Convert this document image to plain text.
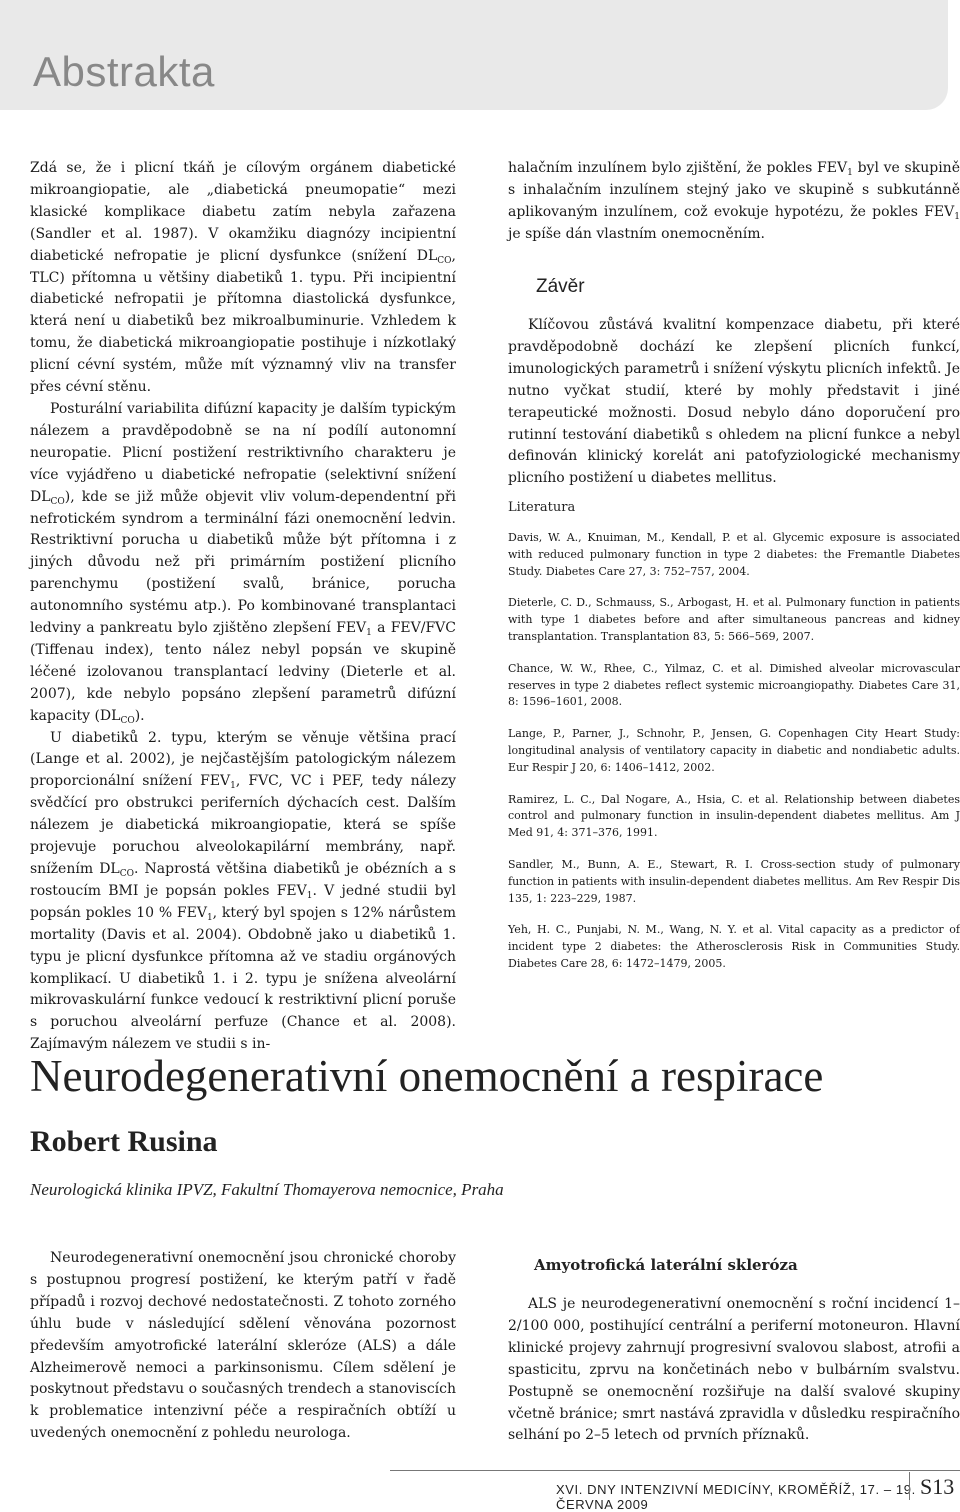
Abstrakta

Zdá se, že i plicní tkáň je cílovým orgánem diabetické mikroangiopatie, ale „diabetická pneumopatie“ mezi klasické komplikace diabetu zatím nebyla zařazena (Sandler et al. 1987). V okamžiku diagnózy incipientní diabetické nefropatie je plicní dysfunkce (snížení $DL_{CO}$, TLC) přítomna u většiny diabetiků 1. typu. Při incipientní diabetické nefropatii je přítomna diastolická dysfunkce, která není u diabetiků bez mikroalbuminurie. Vzhledem k tomu, že diabetická mikroangiopatie postihuje i nízkotlaký plicní cévní systém, může mít významný vliv na transfer přes cévní stěnu.

Posturální variabilita difúzní kapacity je dalším typickým nálezem a pravděpodobně se na ní podílí autonomní neuropatie. Plicní postižení restriktivního charakteru je více vyjádřeno u diabetické nefropatie (selektivní snížení $DL_{CO}$), kde se již může objevit vliv volum-dependentní při nefrotickém syndrom a terminální fázi onemocnění ledvin. Restriktivní porucha u diabetiků může být přítomna i z jiných důvodu než při primárním postižení plicního parenchymu (postižení svalů, bránice, porucha autonomního systému atp.). Po kombinované transplantaci ledviny a pankreatu bylo zjištěno zlepšení $FEV_1$ a FEV/FVC (Tiffenau index), tento nález nebyl popsán ve skupině léčené izolovanou transplantací ledviny (Dieterle et al. 2007), kde nebylo popsáno zlepšení parametrů difúzní kapacity $(DL_{CO})$.

U diabetiků 2. typu, kterým se věnuje většina prací (Lange et al. 2002), je nejčastějším patologickým nálezem proporcionální snížení $FEV_1$, FVC, VC i PEF, tedy nálezy svědčící pro obstrukci periferních dýchacích cest. Dalším nálezem je diabetická mikroangiopatie, která se spíše projevuje poruchou alveolokapilární membrány, např. snížením $DL_{CO}$. Naprostá většina diabetiků je obézních a s rostoucím BMI je popsán pokles $FEV_1$. V jedné studii byl popsán pokles 10 % $FEV_1$, který byl spojen s 12% nárůstem mortality (Davis et al. 2004). Obdobně jako u diabetiků 1. typu je plicní dysfunkce přítomna až ve stadiu orgánových komplikací. U diabetiků 1. i 2. typu je snížena alveolární mikrovaskulární funkce vedoucí k restriktivní plicní poruše s poruchou alveolární perfuze (Chance et al. 2008). Zajímavým nálezem ve studii s in-

halačním inzulínem bylo zjištění, že pokles $FEV_1$ byl ve skupině s inhalačním inzulínem stejný jako ve skupině s subkutánně aplikovaným inzulínem, což evokuje hypotézu, že pokles $FEV_1$ je spíše dán vlastním onemocněním.

Závěr

Klíčovou zůstává kvalitní kompenzace diabetu, při které pravděpodobně dochází ke zlepšení plicních funkcí, imunologických parametrů i snížení výskytu plicních infektů. Je nutno vyčkat studií, které by mohly představit i jiné terapeutické možnosti. Dosud nebylo dáno doporučení pro rutinní testování diabetiků s ohledem na plicní funkce a nebyl definován klinický korelát ani patofyziologické mechanismy plicního postižení u diabetes mellitus.

Literatura

Davis, W. A., Knuiman, M., Kendall, P. et al. Glycemic exposure is associated with reduced pulmonary function in type 2 diabetes: the Fremantle Diabetes Study. Diabetes Care 27, 3: 752–757, 2004.

Dieterle, C. D., Schmauss, S., Arbogast, H. et al. Pulmonary function in patients with type 1 diabetes before and after simultaneous pancreas and kidney transplantation. Transplantation 83, 5: 566–569, 2007.

Chance, W. W., Rhee, C., Yilmaz, C. et al. Dimished alveolar microvascular reserves in type 2 diabetes reflect systemic microangiopathy. Diabetes Care 31, 8: 1596–1601, 2008.

Lange, P., Parner, J., Schnohr, P., Jensen, G. Copenhagen City Heart Study: longitudinal analysis of ventilatory capacity in diabetic and nondiabetic adults. Eur Respir J 20, 6: 1406–1412, 2002.

Ramirez, L. C., Dal Nogare, A., Hsia, C. et al. Relationship between diabetes control and pulmonary function in insulin-dependent diabetes mellitus. Am J Med 91, 4: 371–376, 1991.

Sandler, M., Bunn, A. E., Stewart, R. I. Cross-section study of pulmonary function in patients with insulin-dependent diabetes mellitus. Am Rev Respir Dis 135, 1: 223–229, 1987.

Yeh, H. C., Punjabi, N. M., Wang, N. Y. et al. Vital capacity as a predictor of incident type 2 diabetes: the Atherosclerosis Risk in Communities Study. Diabetes Care 28, 6: 1472–1479, 2005.

Neurodegenerativní onemocnění a respirace
Robert Rusina
Neurologická klinika IPVZ, Fakultní Thomayerova nemocnice, Praha

Neurodegenerativní onemocnění jsou chronické choroby s postupnou progresí postižení, ke kterým patří v řadě případů i rozvoj dechové nedostatečnosti. Z tohoto zorného úhlu bude v následující sdělení věnována pozornost především amyotrofické laterální skleróze (ALS) a dále Alzheimerově nemoci a parkinsonismu. Cílem sdělení je poskytnout představu o současných trendech a stanoviscích k problematice intenzivní péče a respiračních obtíží u uvedených onemocnění z pohledu neurologa.

Amyotrofická laterální skleróza

ALS je neurodegenerativní onemocnění s roční incidencí 1–2/100 000, postihující centrální a periferní motoneuron. Hlavní klinické projevy zahrnují progresivní svalovou slabost, atrofii a spasticitu, zprvu na končetinách nebo v bulbárním svalstvu. Postupně se onemocnění rozšiřuje na další svalové skupiny včetně bránice; smrt nastává zpravidla v důsledku respiračního selhání po 2–5 letech od prvních příznaků.

XVI. DNY INTENZIVNÍ MEDICÍNY, KROMĚŘÍŽ, 17. – 19. ČERVNA 2009
S13
